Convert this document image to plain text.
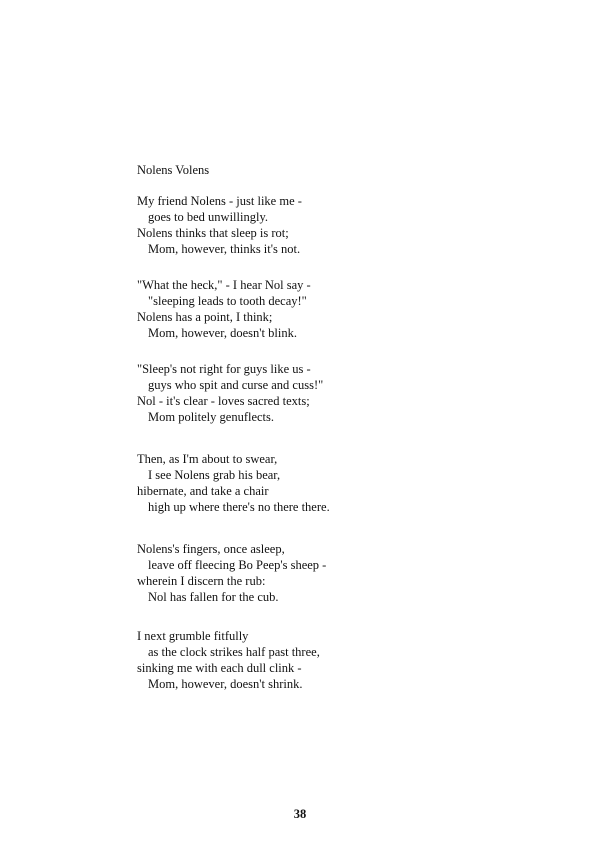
Nolens Volens
My friend Nolens - just like me -
goes to bed unwillingly.
Nolens thinks that sleep is rot;
Mom, however, thinks it's not.
"What the heck," - I hear Nol say -
"sleeping leads to tooth decay!"
Nolens has a point, I think;
Mom, however, doesn't blink.
"Sleep's not right for guys like us -
guys who spit and curse and cuss!"
Nol - it's clear - loves sacred texts;
Mom politely genuflects.
Then, as I'm about to swear,
I see Nolens grab his bear,
hibernate, and take a chair
high up where there's no there there.
Nolens's fingers, once asleep,
leave off fleecing Bo Peep's sheep -
wherein I discern the rub:
Nol has fallen for the cub.
I next grumble fitfully
as the clock strikes half past three,
sinking me with each dull clink -
Mom, however, doesn't shrink.
38
